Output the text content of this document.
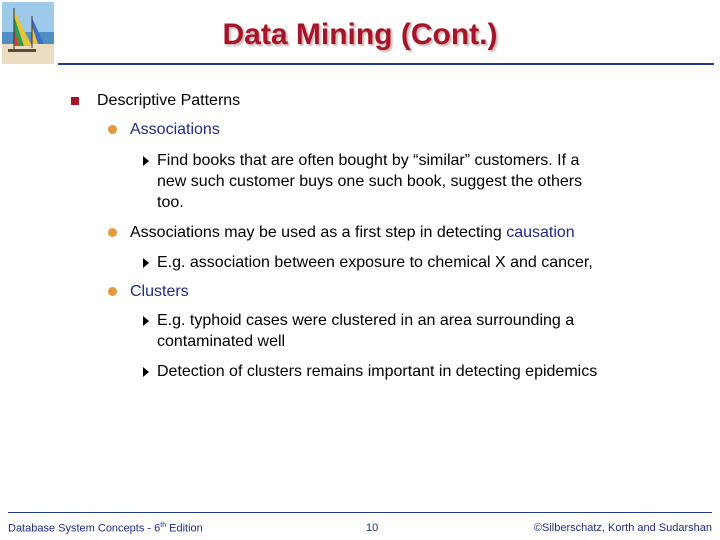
Data Mining (Cont.)
Descriptive Patterns
Associations
Find books that are often bought by “similar” customers. If a
new such customer buys one such book, suggest the others
too.
Associations may be used as a first step in detecting causation
E.g. association between exposure to chemical X and cancer,
Clusters
E.g. typhoid cases were clustered in an area surrounding a
contaminated well
Detection of clusters remains important in detecting epidemics
Database System Concepts - 6th Edition	10	©Silberschatz, Korth and Sudarshan
